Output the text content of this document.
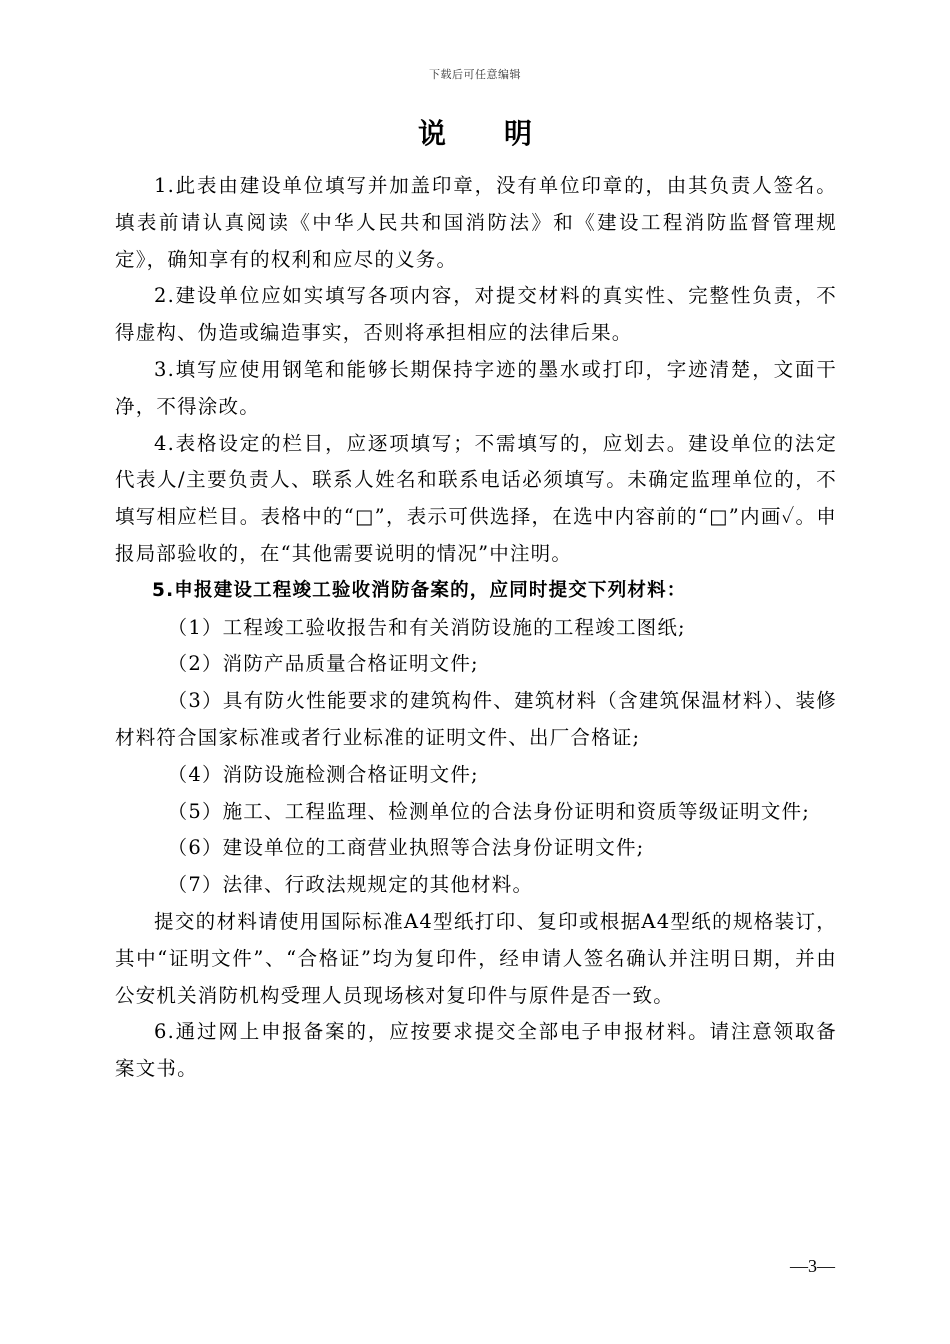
下载后可任意编辑
说明

1.此表由建设单位填写并加盖印章，没有单位印章的，由其负责人签名。填表前请认真阅读《中华人民共和国消防法》和《建设工程消防监督管理规定》，确知享有的权利和应尽的义务。

2.建设单位应如实填写各项内容，对提交材料的真实性、完整性负责，不得虚构、伪造或编造事实，否则将承担相应的法律后果。

3.填写应使用钢笔和能够长期保持字迹的墨水或打印，字迹清楚，文面干净，不得涂改。

4.表格设定的栏目，应逐项填写；不需填写的，应划去。建设单位的法定代表人/主要负责人、联系人姓名和联系电话必须填写。未确定监理单位的，不填写相应栏目。表格中的“□”，表示可供选择，在选中内容前的“□”内画✓。申报局部验收的，在“其他需要说明的情况”中注明。

5.申报建设工程竣工验收消防备案的，应同时提交下列材料：

（1）工程竣工验收报告和有关消防设施的工程竣工图纸;

（2）消防产品质量合格证明文件;

（3）具有防火性能要求的建筑构件、建筑材料（含建筑保温材料）、装修材料符合国家标准或者行业标准的证明文件、出厂合格证;

（4）消防设施检测合格证明文件;

（5）施工、工程监理、检测单位的合法身份证明和资质等级证明文件;

（6）建设单位的工商营业执照等合法身份证明文件;

（7）法律、行政法规规定的其他材料。

提交的材料请使用国际标准A4型纸打印、复印或根据A4型纸的规格装订，其中“证明文件”、“合格证”均为复印件，经申请人签名确认并注明日期，并由公安机关消防机构受理人员现场核对复印件与原件是否一致。

6.通过网上申报备案的，应按要求提交全部电子申报材料。请注意领取备案文书。

—3—
